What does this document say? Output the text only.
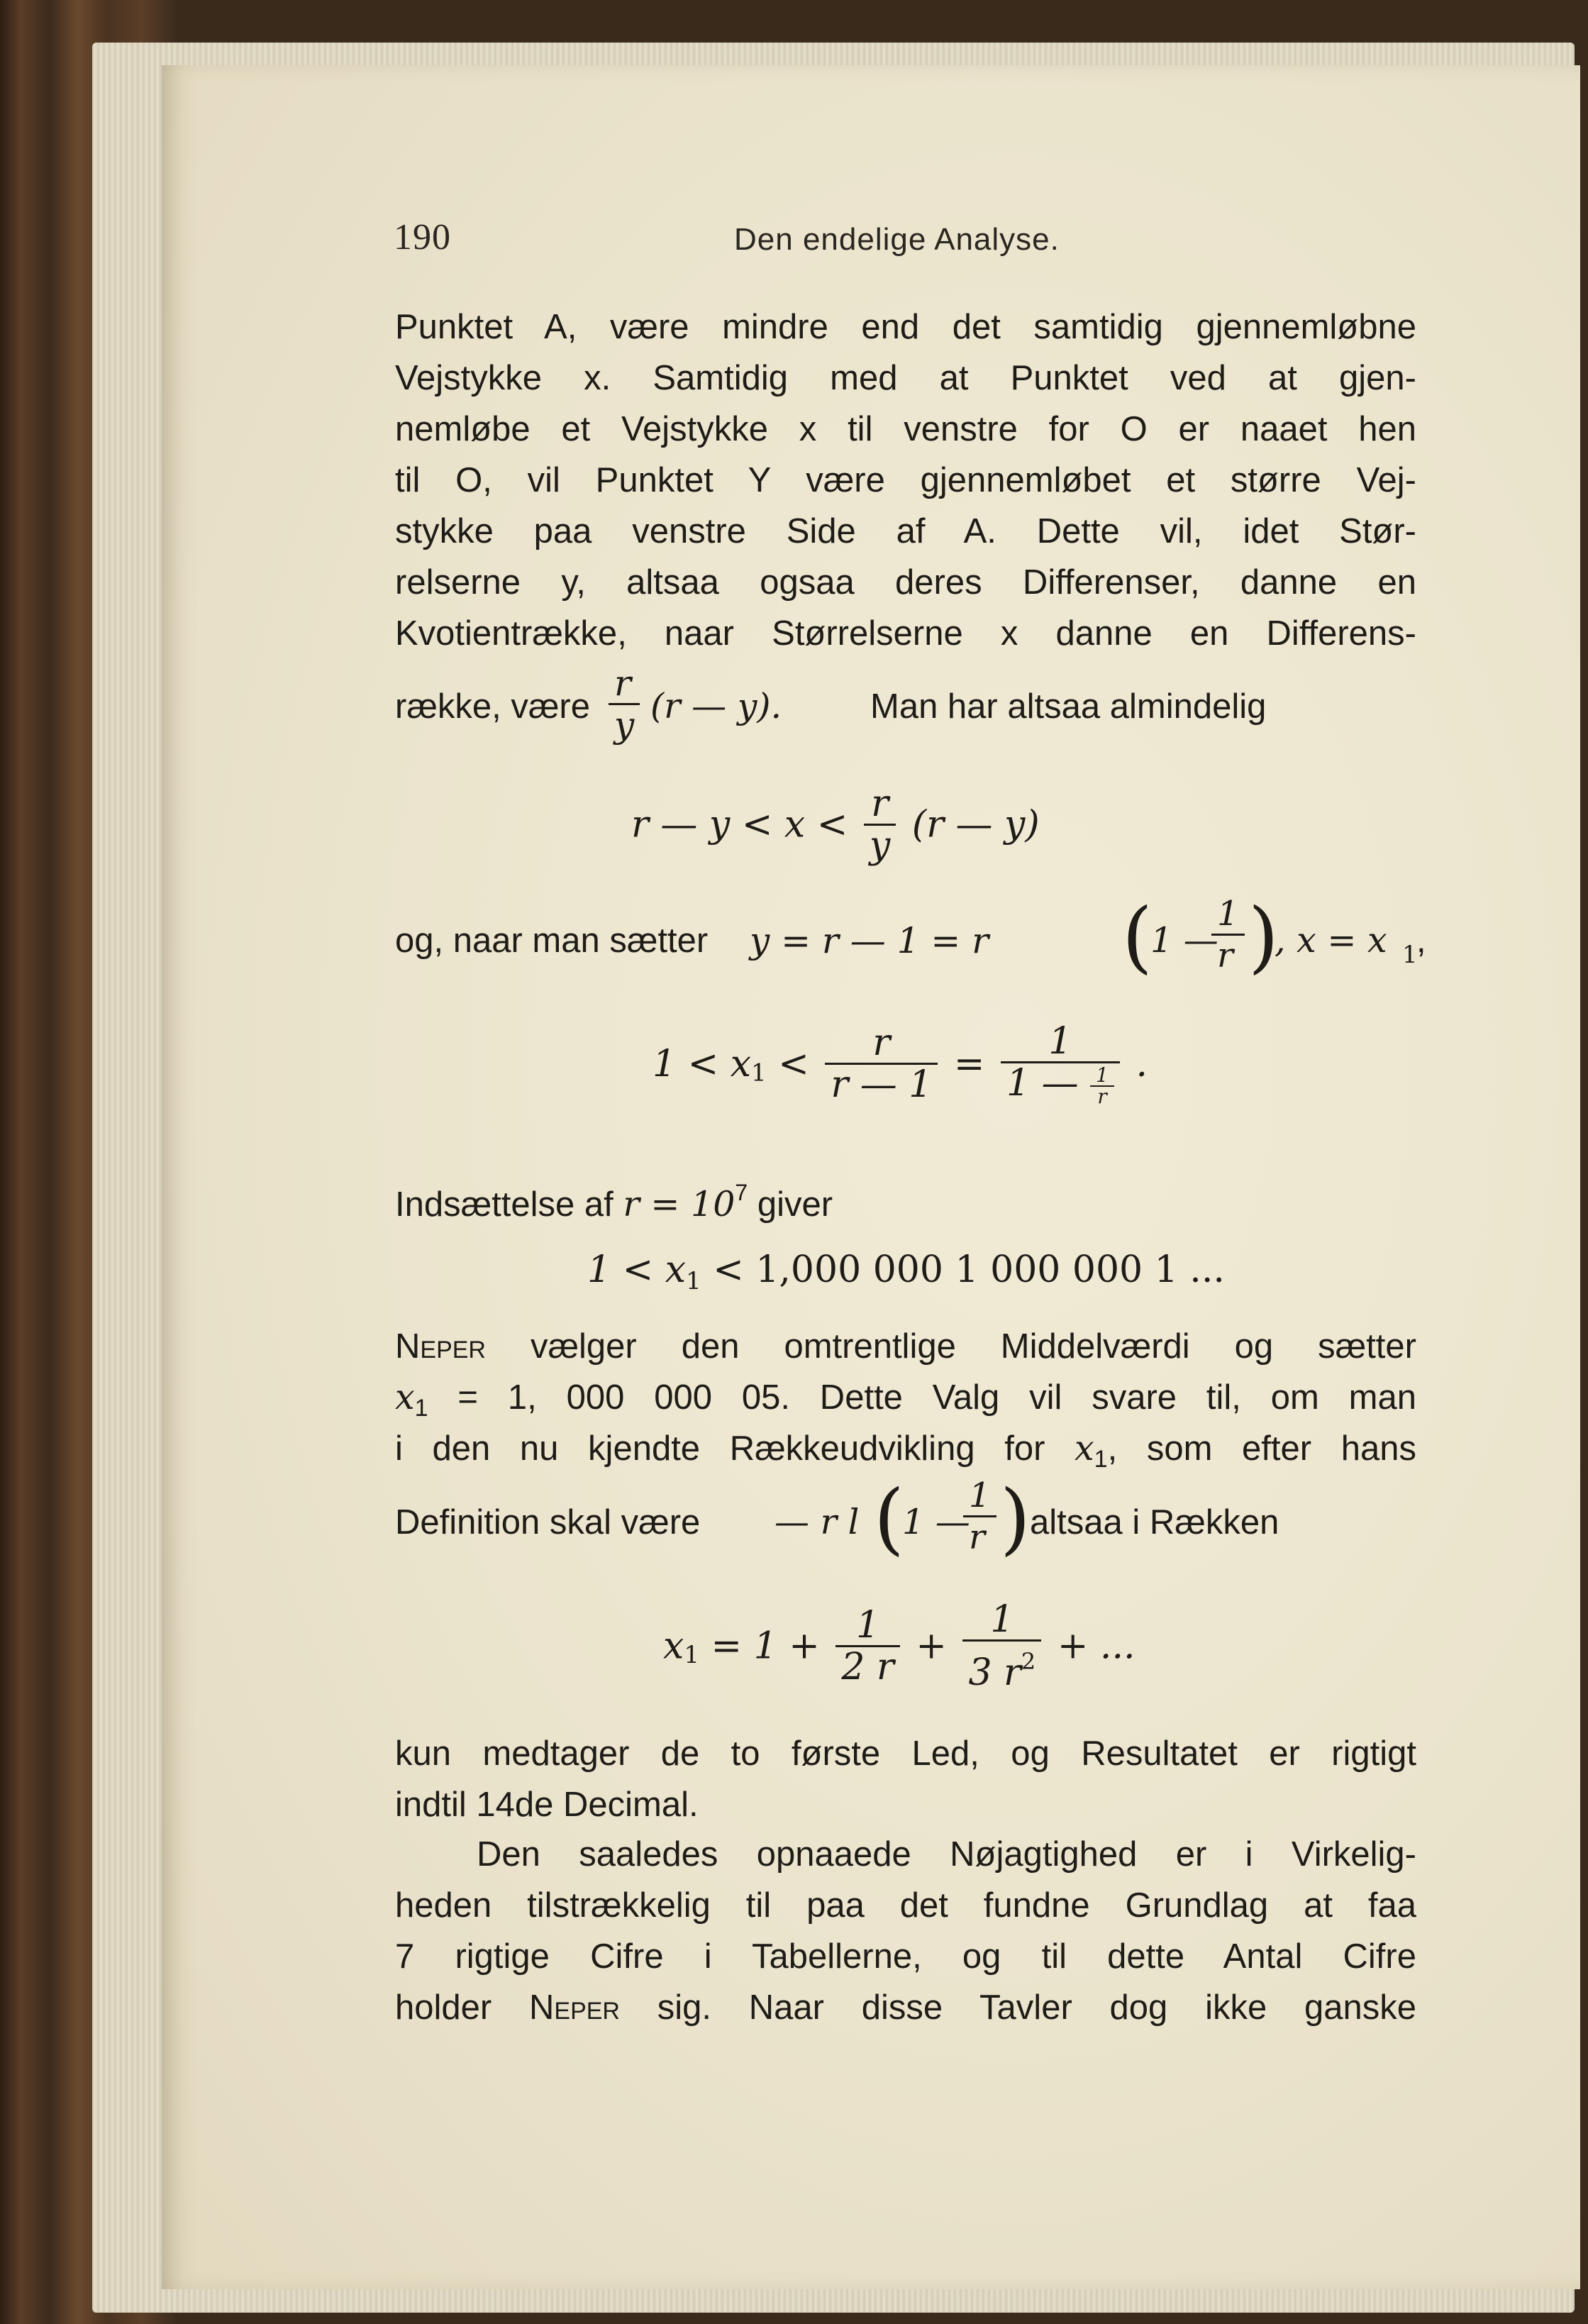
190	Den endelige Analyse.
Punktet A, være mindre end det samtidig gjennemløbne
Vejstykke x. Samtidig med at Punktet ved at gjen-
nemløbe et Vejstykke x til venstre for O er naaet hen
til O, vil Punktet Y være gjennemløbet et større Vej-
stykke paa venstre Side af A. Dette vil, idet Stør-
relserne y, altsaa ogsaa deres Differenser, danne en
Kvotientrække, naar Størrelserne x danne en Differens-
række, være $\frac{r}{y} (r$ — y).	Man har altsaa almindelig
r — $y < x < \frac{r}{y} (r$ — y)
og, naar man sætter y = r — 1 = r (
1 —
$\frac{1}{r}$ )
, x = x 1
,
$1 < x_1 < \frac{r}{r — 1} = \frac{1}{1 — \frac{1}{r}}$ .
Indsættelse af $r = 10^7$ giver
$1 < x_1 < 1,000$ 000 1 000 000 1 ...
Neper vælger den omtrentlige Middelværdi og sætter
$x_1 = 1$, 000 000 05. Dette Valg vil svare til, om man
i den nu kjendte Rækkeudvikling for $x_1$, som efter hans
Definition skal være — r l (
1 —
$\frac{1}{r}$ ) altsaa i Rækken
$x_1 = 1 + \frac{1}{2 r} + \frac{1}{3 r^2}$ + ...
kun medtager de to første Led, og Resultatet er rigtigt
indtil 14de Decimal.
Den saaledes opnaaede Nøjagtighed er i Virkelig-
heden tilstrækkelig til paa det fundne Grundlag at faa
7 rigtige Cifre i Tabellerne, og til dette Antal Cifre
holder Neper sig. Naar disse Tavler dog ikke ganske
